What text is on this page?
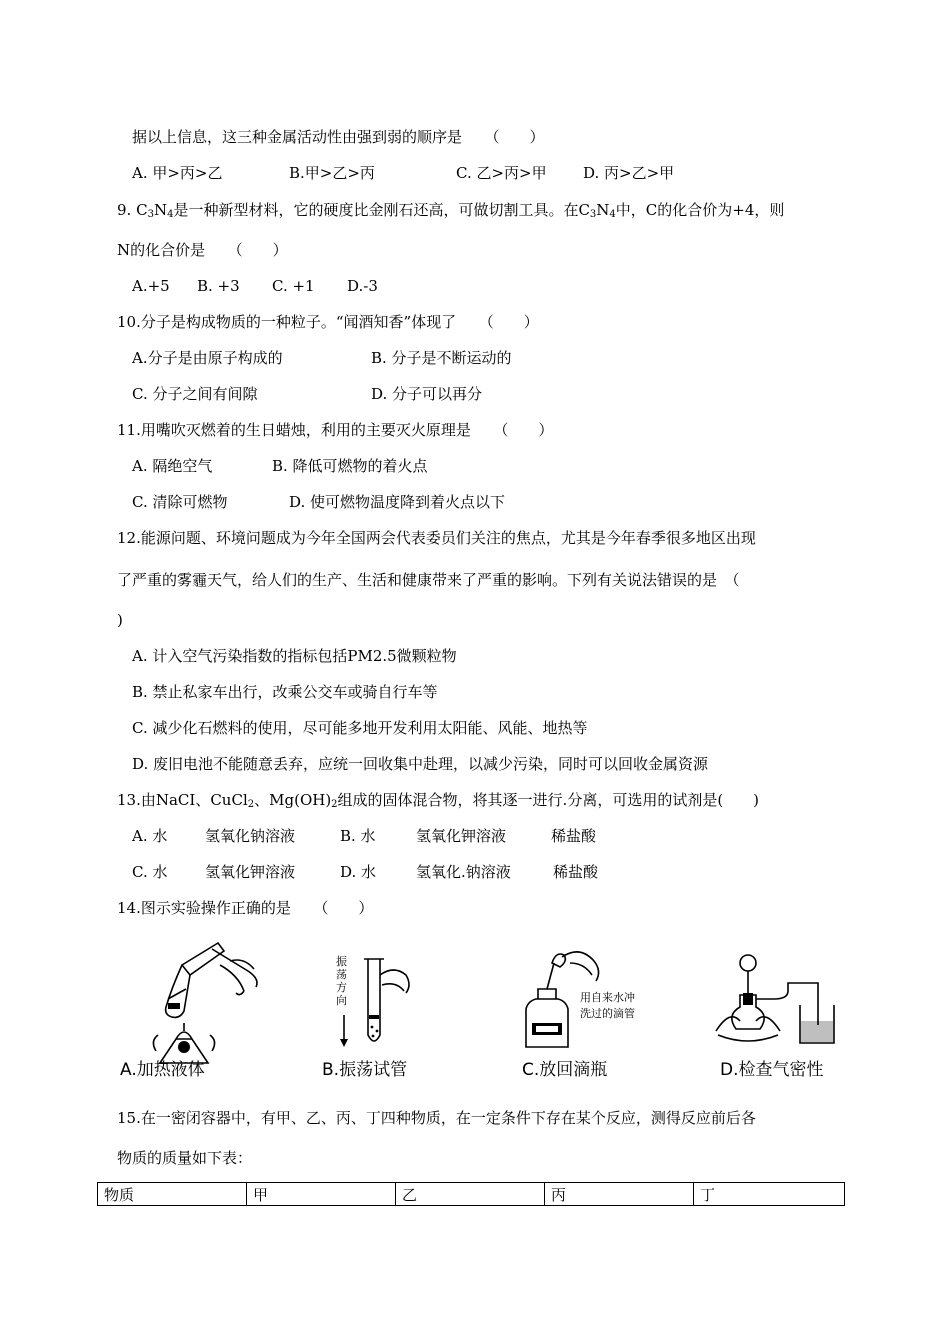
据以上信息，这三种金属活动性由强到弱的顺序是　　（　　）
A. 甲>丙>乙	B.甲>乙>丙	C. 乙>丙>甲 D. 丙>乙>甲
9. $C_3N_4$是一种新型材料，它的硬度比金刚石还高，可做切割工具。在$C_3N_4$中，C的化合价为+4，则
N的化合价是　　（　　）
A.+5 B. +3 C. +1 D.-3
10.分子是构成物质的一种粒子。“闻酒知香”体现了　　（　　）
A.分子是由原子构成的	B. 分子是不断运动的
C. 分子之间有间隙	D. 分子可以再分
11.用嘴吹灭燃着的生日蜡烛，利用的主要灭火原理是　　（　　）
A. 隔绝空气	B. 降低可燃物的着火点
C. 清除可燃物	D. 使可燃物温度降到着火点以下
12.能源问题、环境问题成为今年全国两会代表委员们关注的焦点，尤其是今年春季很多地区出现
了严重的雾霾天气，给人们的生产、生活和健康带来了严重的影响。下列有关说法错误的是　（
)
A. 计入空气污染指数的指标包括PM2.5微颗粒物
B. 禁止私家车出行，改乘公交车或骑自行车等
C. 减少化石燃料的使用，尽可能多地开发利用太阳能、风能、地热等
D. 废旧电池不能随意丢弃，应统一回收集中赴理，以减少污染，同时可以回收金属资源
13.由NaCI、CuCl$_2$、$Mg(OH)_2$组成的固体混合物，将其逐一进行.分离，可选用的试剂是(　　)
A. 水	氢氧化钠溶液	B. 水	氢氧化钾溶液	稀盐酸
C. 水	氢氧化钾溶液	D. 水	氢氧化.钠溶液	稀盐酸
14.图示实验操作正确的是　　（　　）
A.加热液体
振荡方向
B.振荡试管
用自来水冲
洗过的滴管
C.放回滴瓶	D.检查气密性
15.在一密闭容器中，有甲、乙、丙、丁四种物质，在一定条件下存在某个反应，测得反应前后各
物质的质量如下表：
物质	甲	乙	丙	丁
